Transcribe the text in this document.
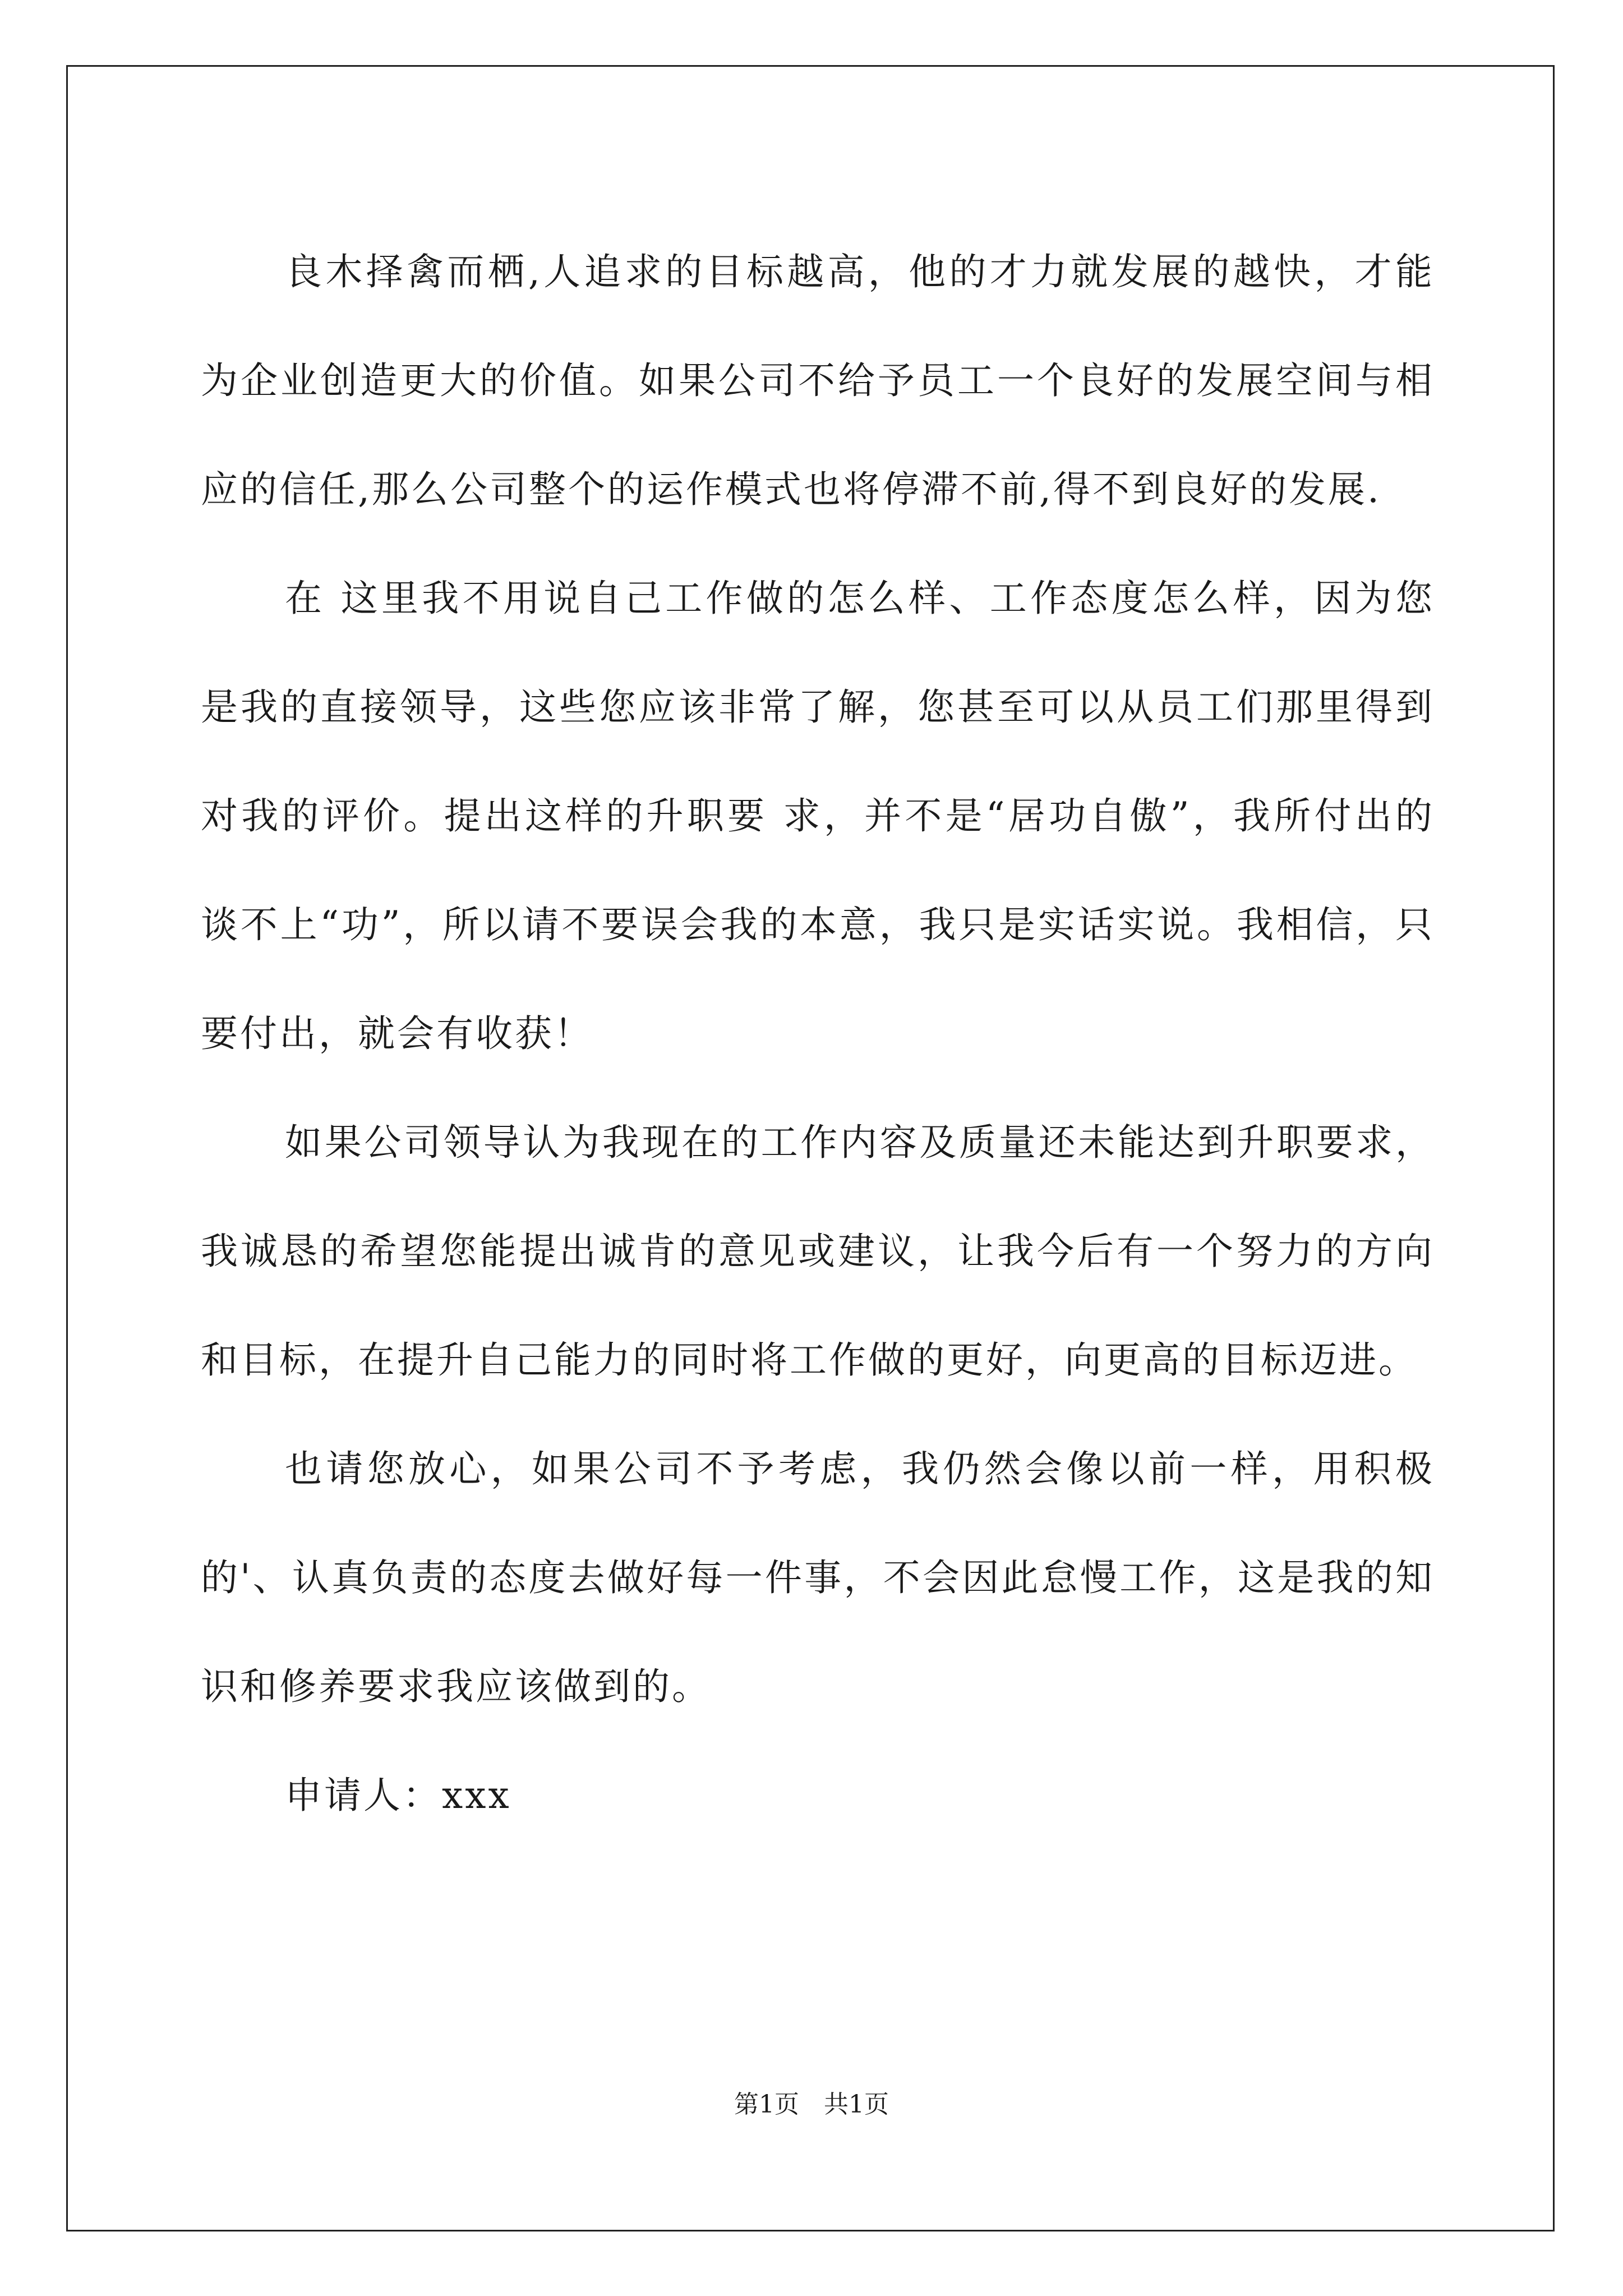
良木择禽而栖,人追求的目标越高，他的才力就发展的越快，才能为企业创造更大的价值。如果公司不给予员工一个良好的发展空间与相应的信任,那么公司整个的运作模式也将停滞不前,得不到良好的发展.

在 这里我不用说自己工作做的怎么样、工作态度怎么样，因为您是我的直接领导，这些您应该非常了解，您甚至可以从员工们那里得到对我的评价。提出这样的升职要 求，并不是“居功自傲”，我所付出的谈不上“功”，所以请不要误会我的本意，我只是实话实说。我相信，只要付出，就会有收获！

如果公司领导认为我现在的工作内容及质量还未能达到升职要求，我诚恳的希望您能提出诚肯的意见或建议，让我今后有一个努力的方向和目标，在提升自己能力的同时将工作做的更好，向更高的目标迈进。

也请您放心，如果公司不予考虑，我仍然会像以前一样，用积极的'、认真负责的态度去做好每一件事，不会因此怠慢工作，这是我的知识和修养要求我应该做到的。

申请人：xxx

第1页　共1页
